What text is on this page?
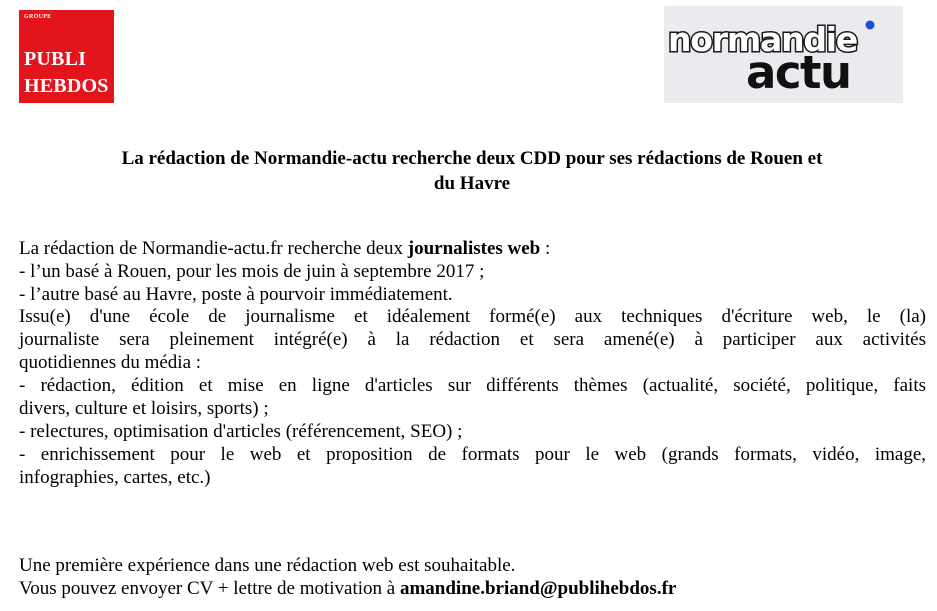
GROUPE
PUBLI
HEBDOS
normandie
actu
La rédaction de Normandie-actu recherche deux CDD pour ses rédactions de Rouen et
du Havre
La rédaction de Normandie-actu.fr recherche deux journalistes web :
- l’un basé à Rouen, pour les mois de juin à septembre 2017 ;
- l’autre basé au Havre, poste à pourvoir immédiatement.
Issu(e) d'une école de journalisme et idéalement formé(e) aux techniques d'écriture web, le (la)
journaliste sera pleinement intégré(e) à la rédaction et sera amené(e) à participer aux activités
quotidiennes du média :
- rédaction, édition et mise en ligne d'articles sur différents thèmes (actualité, société, politique, faits
divers, culture et loisirs, sports) ;
- relectures, optimisation d'articles (référencement, SEO) ;
- enrichissement pour le web et proposition de formats pour le web (grands formats, vidéo, image,
infographies, cartes, etc.)
Une première expérience dans une rédaction web est souhaitable.
Vous pouvez envoyer CV + lettre de motivation à amandine.briand@publihebdos.fr
